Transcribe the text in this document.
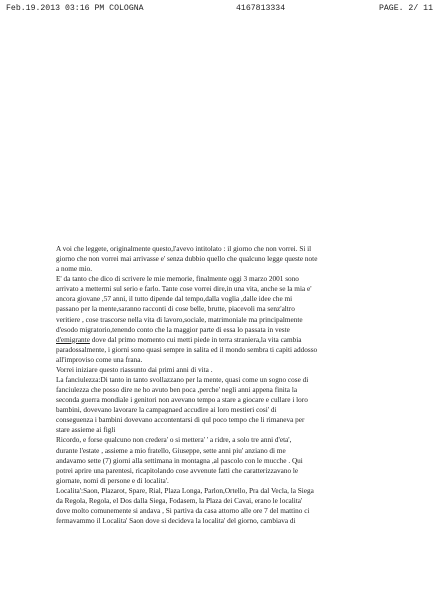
Feb.19.2013 03:16 PM COLOGNA	4167813334	PAGE. 2/ 11
A voi che leggete, originalmente questo,l'avevo intitolato : il giorno che non vorrei. Si il
giorno che non vorrei mai arrivasse e' senza dubbio quello che qualcuno legge queste note
a nome mio.
E' da tanto che dico di scrivere le mie memorie, finalmente oggi 3 marzo 2001 sono
arrivato a mettermi sul serio e farlo. Tante cose vorrei dire,in una vita, anche se la mia e'
ancora giovane ,57 anni, il tutto dipende dal tempo,dalla voglia ,dalle idee che mi
passano per la mente,saranno racconti di cose belle, brutte, piacevoli ma senz'altro
veritiere , cose trascorse nella vita di lavoro,sociale, matrimoniale ma principalmente
d'esodo migratorio,tenendo conto che la maggior parte di essa lo passata in veste
d'emigrante dove dal primo momento cui metti piede in terra straniera,la vita cambia
paradossalmente, i giorni sono quasi sempre in salita ed il mondo sembra ti capiti addosso
all'improviso come una frana.
Vorrei iniziare questo riassunto dai primi anni di vita .
La fanciulezza:Di tanto in tanto svollazzano per la mente, quasi come un sogno cose di
fanciulezza che posso dire ne ho avuto ben poca ,perche' negli anni appena finita la
seconda guerra mondiale i genitori non avevano tempo a stare a giocare e cullare i loro
bambini, dovevano lavorare la campagnaed accudire ai loro mestieri cosi' di
conseguenza i bambini dovevano accontentarsi di qul poco tempo che li rimaneva per
stare assieme ai figli
Ricordo, e forse qualcuno non credera' o si mettera' ' a ridre, a solo tre anni d'eta',
durante l'estate , assieme a mio fratello, Giuseppe, sette anni piu' anziano di me
andavamo sette (7) giorni alla settimana in montagna ,al pascolo con le mucche . Qui
potrei aprire una parentesi, ricapitolando cose avvenute fatti che caratterizzavano le
giornate, nomi di persone e di localita'.
Localita':Saon, Plazarot, Spare, Rial, Plaza Longa, Parlon,Ortello, Pra dal Vecla, la Siega
da Regola, Regola, el Dos dalla Siega, Fodasem, la Plaza dei Cavai, erano le localita'
dove molto comunemente si andava , Si partiva da casa attorno alle ore 7 del mattino ci
fermavammo il Localita' Saon dove si decideva la localita' del giorno, cambiava di
